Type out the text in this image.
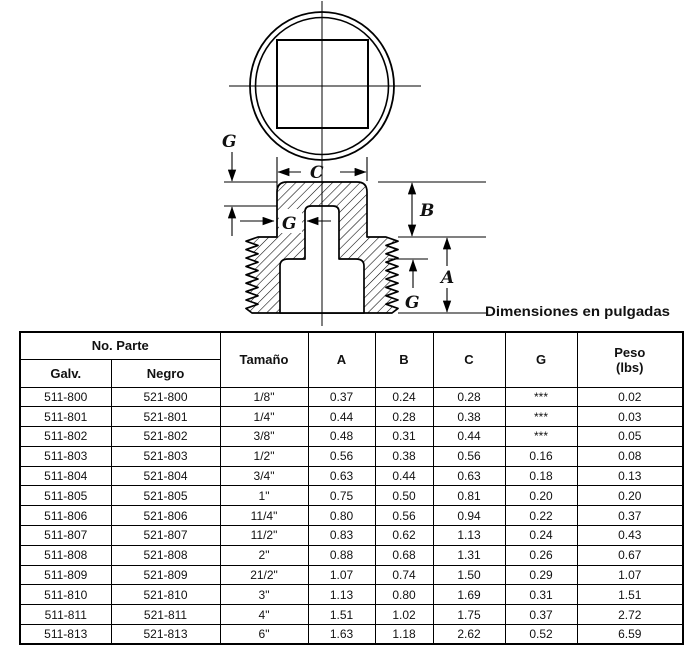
C
G
G
B
A
G	Dimensiones en pulgadas
No. Parte		Tamaño	A	B	C	G	Peso
(lbs)
Galv.	Negro						
511-800	521-800	1/8"	0.37	0.24	0.28	***	0.02
511-801	521-801	1/4"	0.44	0.28	0.38	***	0.03
511-802	521-802	3/8"	0.48	0.31	0.44	***	0.05
511-803	521-803	1/2"	0.56	0.38	0.56	0.16	0.08
511-804	521-804	3/4"	0.63	0.44	0.63	0.18	0.13
511-805	521-805	1"	0.75	0.50	0.81	0.20	0.20
511-806	521-806	11/4"	0.80	0.56	0.94	0.22	0.37
511-807	521-807	11/2"	0.83	0.62	1.13	0.24	0.43
511-808	521-808	2"	0.88	0.68	1.31	0.26	0.67
511-809	521-809	21/2"	1.07	0.74	1.50	0.29	1.07
511-810	521-810	3"	1.13	0.80	1.69	0.31	1.51
511-811	521-811	4"	1.51	1.02	1.75	0.37	2.72
511-813	521-813	6"	1.63	1.18	2.62	0.52	6.59
